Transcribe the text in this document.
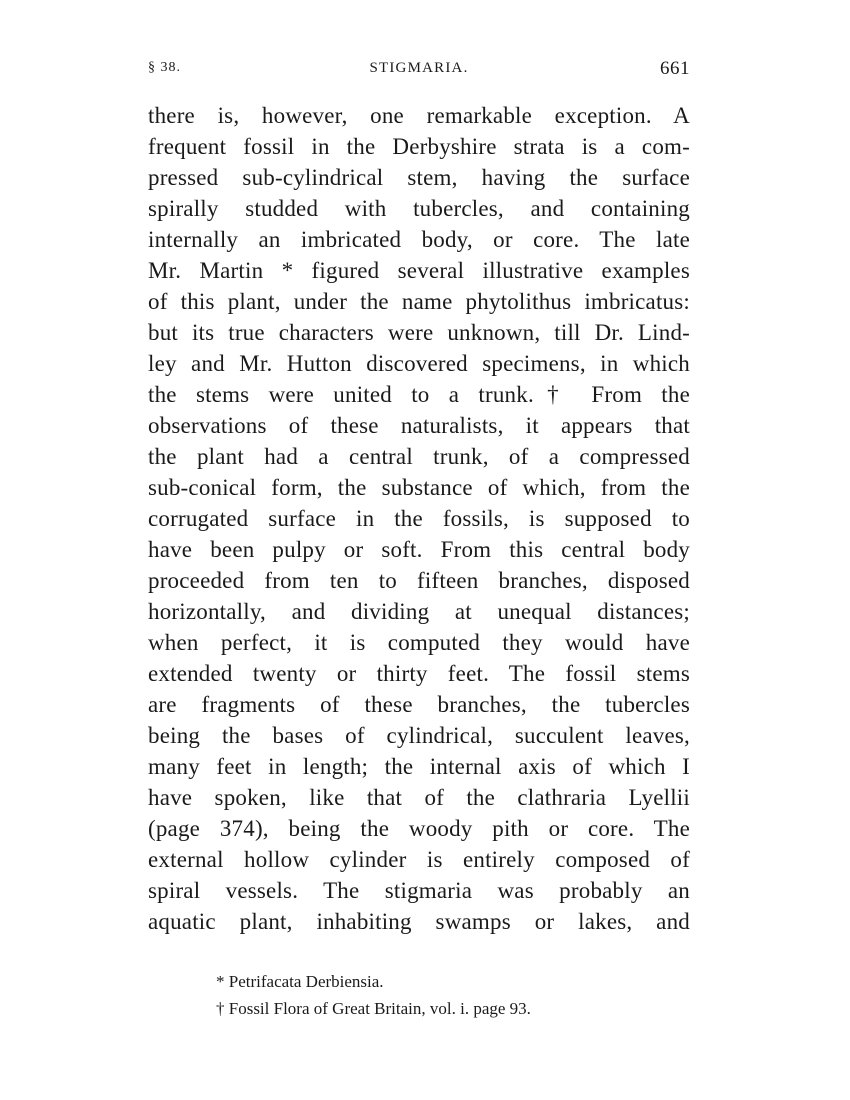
§ 38.	STIGMARIA.	661
there is, however, one remarkable exception. A
frequent fossil in the Derbyshire strata is a com-
pressed sub-cylindrical stem, having the surface
spirally studded with tubercles, and containing
internally an imbricated body, or core. The late
Mr. Martin * figured several illustrative examples
of this plant, under the name phytolithus imbricatus:
but its true characters were unknown, till Dr. Lind-
ley and Mr. Hutton discovered specimens, in which
the stems were united to a trunk.† From the
observations of these naturalists, it appears that
the plant had a central trunk, of a compressed
sub-conical form, the substance of which, from the
corrugated surface in the fossils, is supposed to
have been pulpy or soft. From this central body
proceeded from ten to fifteen branches, disposed
horizontally, and dividing at unequal distances;
when perfect, it is computed they would have
extended twenty or thirty feet. The fossil stems
are fragments of these branches, the tubercles
being the bases of cylindrical, succulent leaves,
many feet in length; the internal axis of which I
have spoken, like that of the clathraria Lyellii
(page 374), being the woody pith or core. The
external hollow cylinder is entirely composed of
spiral vessels. The stigmaria was probably an
aquatic plant, inhabiting swamps or lakes, and
* Petrifacata Derbiensia.
† Fossil Flora of Great Britain, vol. i. page 93.
